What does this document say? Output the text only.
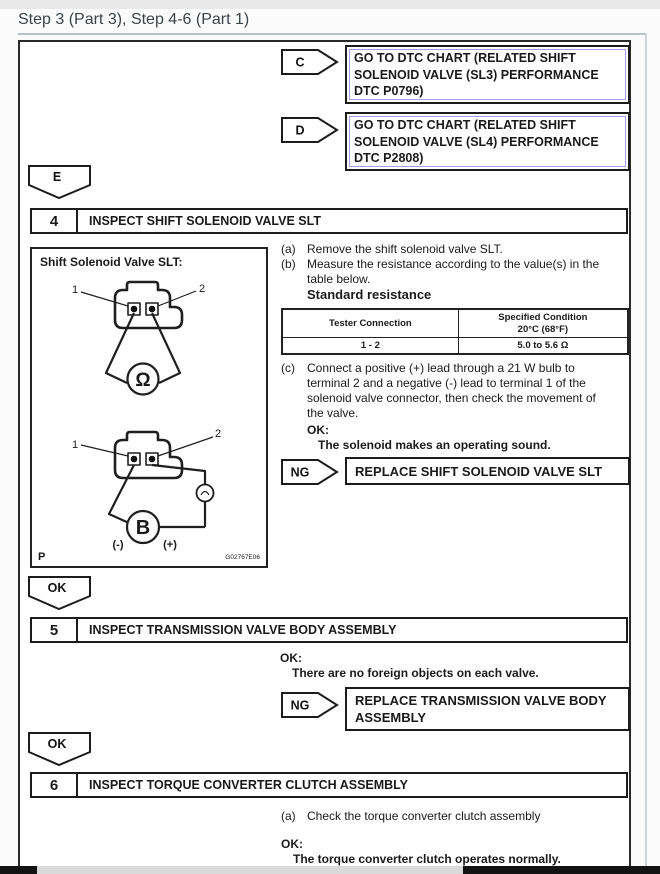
Step 3 (Part 3), Step 4-6 (Part 1)
C	GO TO DTC CHART (RELATED SHIFT
SOLENOID VALVE (SL3) PERFORMANCE
DTC P0796)
D	GO TO DTC CHART (RELATED SHIFT
SOLENOID VALVE (SL4) PERFORMANCE
DTC P2808)
E
4	INSPECT SHIFT SOLENOID VALVE SLT
Shift Solenoid Valve SLT:
1	2
Ω
1
2
B
(-)	(+)
P	G02767E06
(a) Remove the shift solenoid valve SLT.
(b) Measure the resistance according to the value(s) in the
table below.
Standard resistance
Tester Connection	Specified Condition
20°C (68°F)

1 - 2	5.0 to 5.6 Ω
(c) Connect a positive (+) lead through a 21 W bulb to
terminal 2 and a negative (-) lead to terminal 1 of the
solenoid valve connector, then check the movement of
the valve.
OK:
The solenoid makes an operating sound.
NG	REPLACE SHIFT SOLENOID VALVE SLT
OK
5	INSPECT TRANSMISSION VALVE BODY ASSEMBLY
OK:
There are no foreign objects on each valve.
NG	REPLACE TRANSMISSION VALVE BODY
ASSEMBLY
OK
6	INSPECT TORQUE CONVERTER CLUTCH ASSEMBLY
(a) Check the torque converter clutch assembly
OK:
The torque converter clutch operates normally.
